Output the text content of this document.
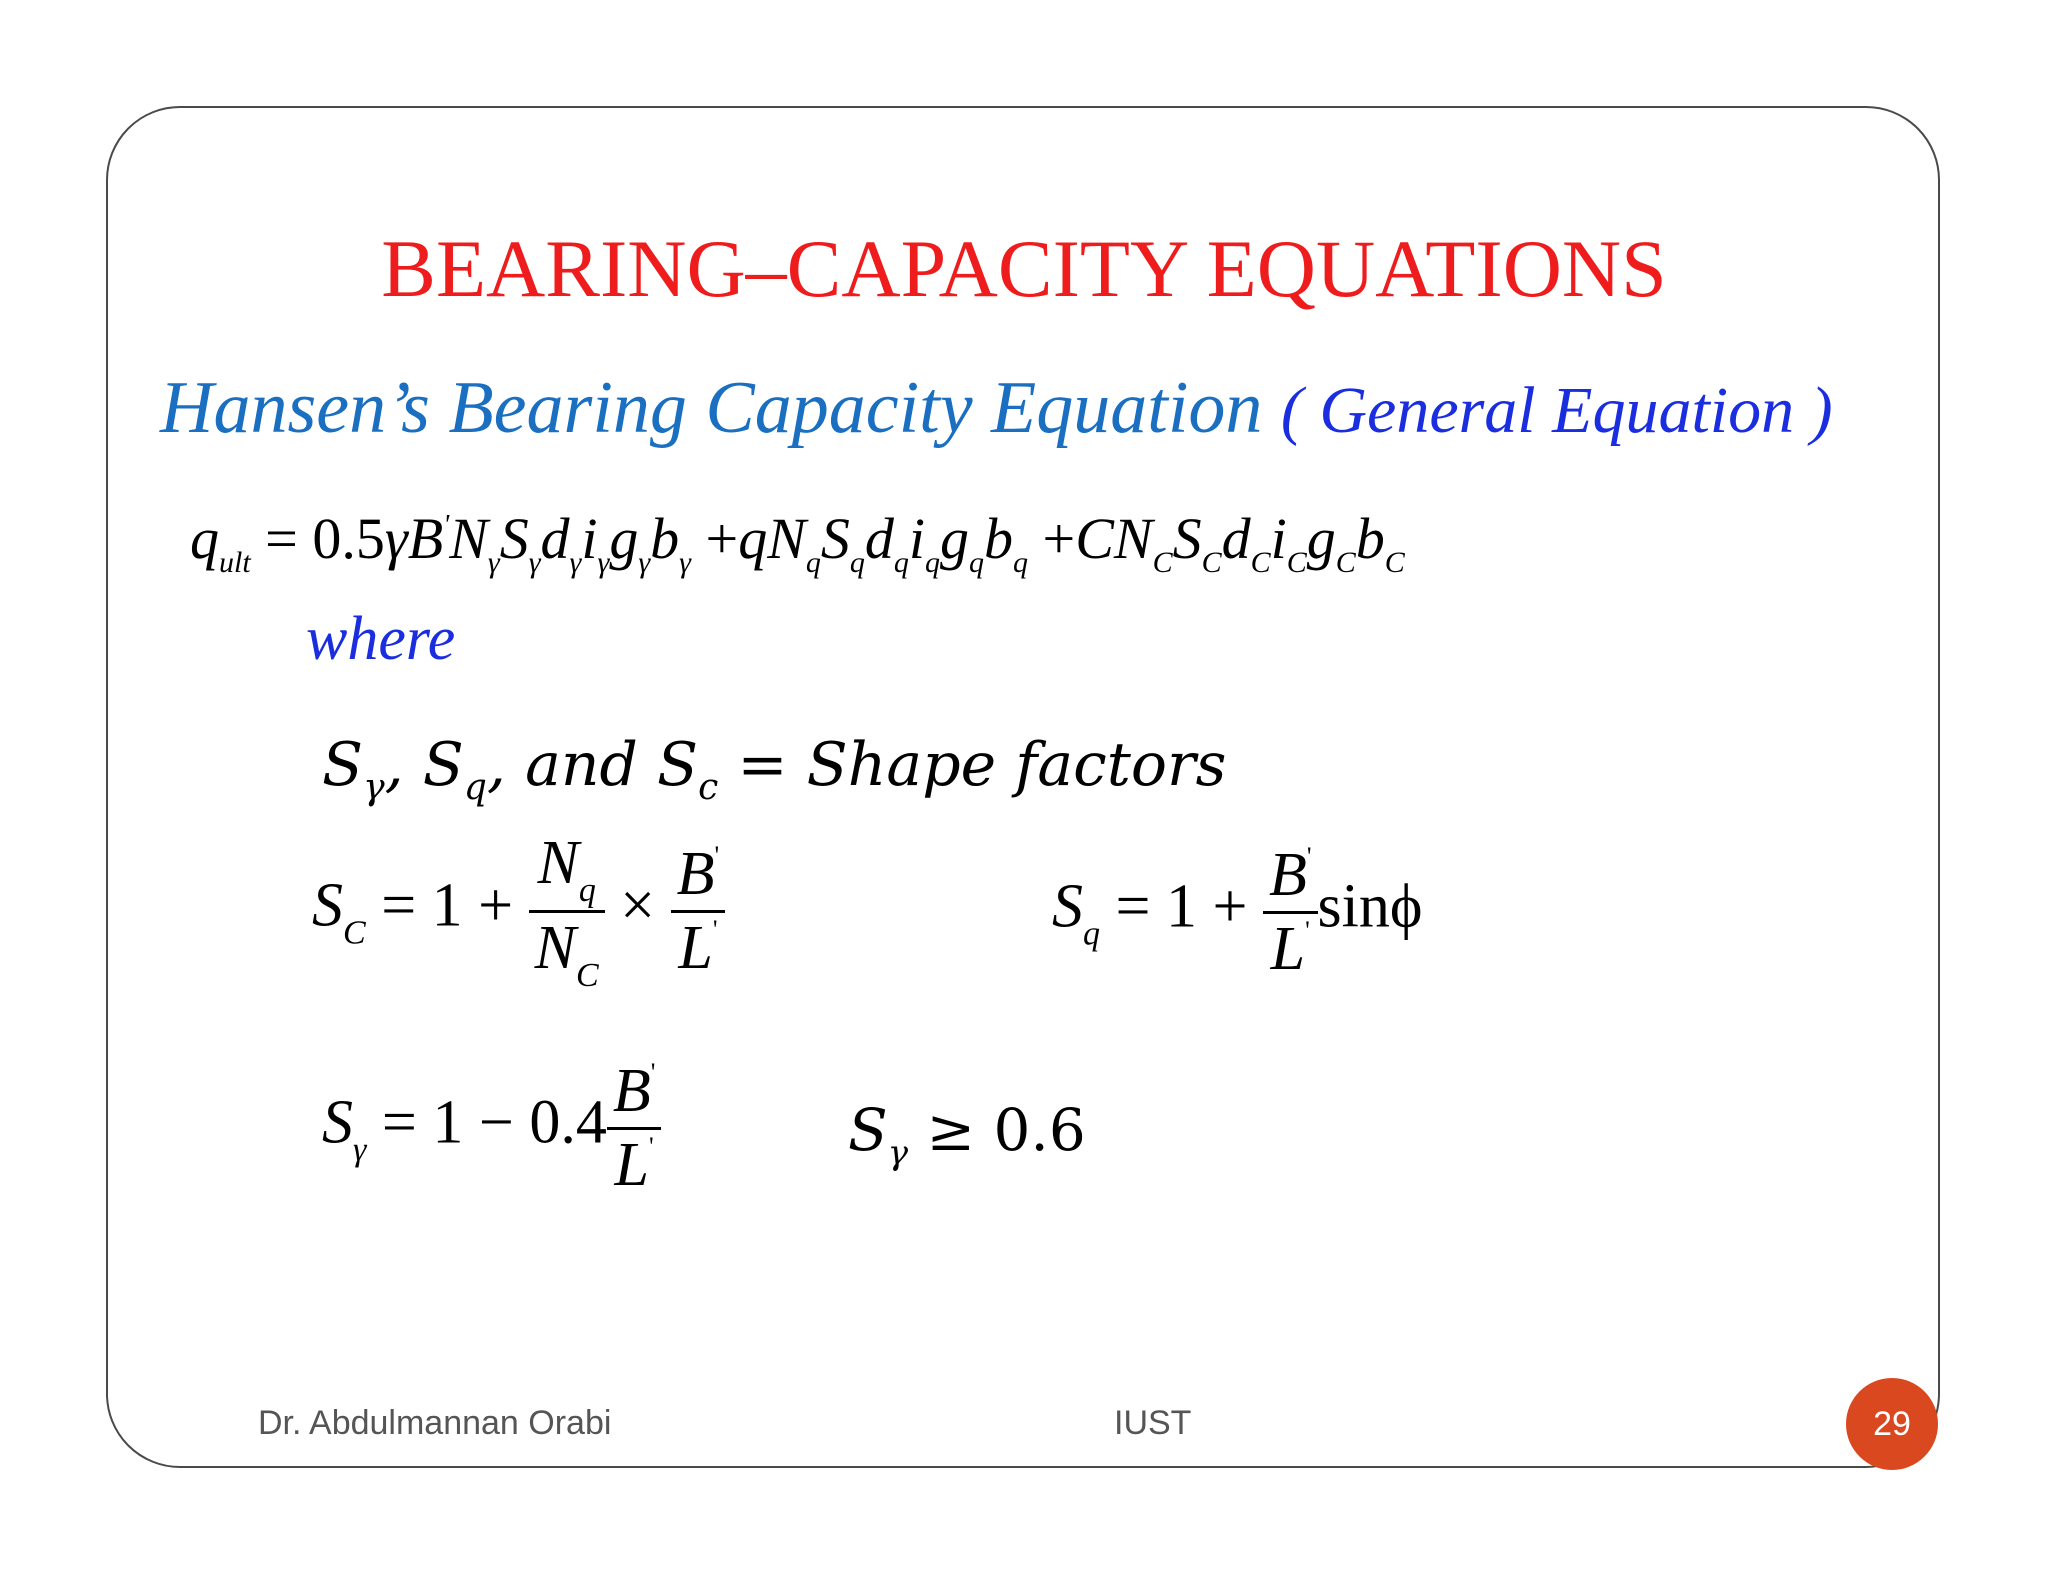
BEARING–CAPACITY EQUATIONS
Hansen’s Bearing Capacity Equation ( General Equation )
$q_{ult} = 0.5\gamma B'N_\gamma S_\gamma d_\gamma i_\gamma g_\gamma b_\gamma +qN_qS_qd_qi_qg_qb_q +CN_CS_Cd_Ci_Cg_Cb_C$
where
$S_\gamma$, $S_q$, and $S_c$ = Shape factors
$S_C = 1 + \frac{N_q}{N_C} \times \frac{B'}{L'}$	$S_q = 1 + \frac{B'}{L'}$ sinϕ
$S_\gamma = 1 - 0.4 \frac{B'}{L'}$	$S_\gamma \ge 0.6$
Dr. Abdulmannan Orabi	IUST	29
